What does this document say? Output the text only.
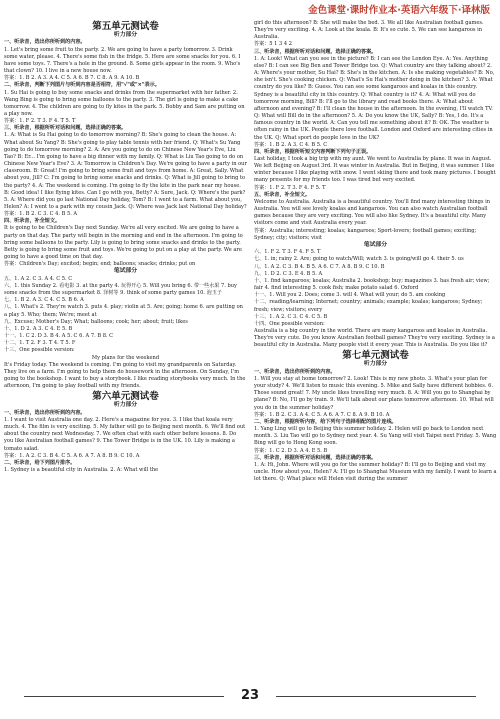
金色课堂·课时作业本·英语六年级下·译林版
第五单元测试卷
听力部分
一、听录音，选出你所听到的内容。
1. Let's bring some fruit to the party. 2. We are going to have a party tomorrow. 3. Drink some water, please. 4. There's some fish in the fridge. 5. Here are some snacks for you. 6. I have some toys. 7. There's a hole in the ground. 8. Some girls appear in the room. 9. Who's that clown? 10. I live in a new house now.
答案：1. B 2. A 3. A 4. C 5. A 6. B 7. C 8. A 9. A 10. B
二、听录音，判断下列图片与听到内容是否相符，用"√"或"×"表示。
1. Su Hai is going to buy some snacks and drinks from the supermarket with her father. 2. Wang Bing is going to bring some balloons to the party. 3. The girl is going to make a cake tomorrow. 4. The children are going to fly kites in the park. 5. Bobby and Sam are putting on a play now.
答案：1. F 2. T 3. F 4. T 5. T
三、听录音，根据所听对话和问题，选择正确的答案。
1. A: What is Su Hai going to do tomorrow morning? B: She's going to clean the house. A: What about Su Yang? B: She's going to play table tennis with her friend. Q: What's Su Yang going to do tomorrow morning? 2. A: Are you going to do on Chinese New Year's Eve, Liu Tao? B: Er... I'm going to have a big dinner with my family. Q: What is Liu Tao going to do on Chinese New Year's Eve? 3. A: Tomorrow is Children's Day. We're going to have a party in our classroom. B: Great! I'm going to bring some fruit and toys from home. A: Great, Sally. What about you, Jill? C: I'm going to bring some snacks and drinks. Q: What is Jill going to bring to the party? 4. A: The weekend is coming. I'm going to fly the kite in the park near my house. B: Good idea! I like flying kites. Can I go with you, Betty? A: Sure, Jack. Q: Where's the park? 5. A: Where did you go last National Day holiday, Tom? B: I went to a farm. What about you, Helen? A: I went to a park with my cousin Jack. Q: Where was Jack last National Day holiday?
答案：1. B 2. C 3. C 4. B 5. A
四、听录音，补全短文。
It is going to be Children's Day next Sunday. We're all very excited. We are going to have a party on that day. The party will begin in the morning and end in the afternoon. I'm going to bring some balloons to the party. Lily is going to bring some snacks and drinks to the party. Betty is going to bring some fruit and toys. We're going to put on a play at the party. We are going to have a good time on that day.
答案：Children's Day; excited; begin; end; balloons; snacks; drinks; put on
笔试部分
五、1. A 2. C 3. A 4. C 5. C
六、1. this Sunday 2. 看电影 3. at the party 4. 玩得开心 5. Will you bring 6. 带一些水果 7. buy some snacks from the supermarket 8. 泽树等 9. think of some party games 10. 泡玉子
七、1. B 2. A 3. C 4. C 5. B 6. A
八、1. What's 2. They're watch 3. puts 4. play; violin at 5. Are; going; home 6. are putting on a play 5. Who; them; We're; meet at
九、Excuse; Mother's Day; What; balloons; cook; her; about; fruit; likes
十、1. D 2. A 3. C 4. E 5. B
十一、1. C 2. D 3. B 4. A 5. C 6. A 7. B 8. C
十二、1. T 2. F 3. T 4. T 5. F
十三、One possible version:
My plans for the weekend
It's Friday today. The weekend is coming. I'm going to visit my grandparents on Saturday. They live on a farm. I'm going to help them do housework in the afternoon. On Sunday, I'm going to the bookshop. I want to buy a storybook. I like reading storybooks very much. In the afternoon, I'm going to play football with my friends.
第六单元测试卷
听力部分
一、听录音，选出你所听到的内容。
1. I want to visit Australia one day. 2. Here's a magazine for you. 3. I like that koala very much. 4. The film is very exciting. 5. My father will go to Beijing next month. 6. We'll find out about the country next Wednesday. 7. We often chat with each other before lessons. 8. Do you like Australian football games? 9. The Tower Bridge is in the UK. 10. Lily is making a tomato salad.
答案：1. A 2. C 3. B 4. C 5. A 6. A 7. A 8. B 9. C 10. A
二、听录音，给下列图片排序。
1. Sydney is a beautiful city in Australia. 2. A: What will the
girl do this afternoon? B: She will make the bed. 3. We all like Australian football games. They're very exciting. 4. A: Look at the koala. B: It's so cute. 5. We can see kangaroos in Australia.
答案：5 1 3 4 2
三、听录音，根据所听对话和问题，选择正确的答案。
1. A: Look! What can you see in the picture? B: I can see the London Eye. A: Yes. Anything else? B: I can see Big Ben and Tower Bridge too. Q: What country are they talking about? 2. A: Where's your mother, Su Hai? B: She's in the kitchen. A: Is she making vegetables? B: No, she isn't. She's cooking chicken. Q: What's Su Hai's mother doing in the kitchen? 3. A: What country do you like? B: Guess. You can see some kangaroos and koalas in this country. Sydney is a beautiful city in this country. Q: What country is it? 4. A: What will you do tomorrow morning, Bill? B: I'll go to the library and read books there. A: What about afternoon and evening? B: I'll clean the house in the afternoon. In the evening, I'll watch TV. Q: What will Bill do in the afternoon? 5. A: Do you know the UK, Sally? B: Yes, I do. It's a famous country in the world. A: Can you tell me something about it? B: OK. The weather is often rainy in the UK. People there love football. London and Oxford are interesting cities in the UK. Q: What sport do people love in the UK?
答案：1. B 2. A 3. C 4. B 5. C
四、听录音，根据所听短文内容判断下列句子正误。
Last holiday, I took a big trip with my aunt. We went to Australia by plane. It was in August. We left Beijing on August 3rd. It was winter in Australia. But in Beijing, it was summer. I like winter because I like playing with snow. I went skiing there and took many pictures. I bought many presents for my friends too. I was tired but very excited.
答案：1. F 2. T 3. F 4. F 5. T
五、听录音，补全短文。
Welcome to Australia. Australia is a beautiful country. You'll find many interesting things in Australia. You will see lovely koalas and kangaroos. You can also watch Australian football games because they are very exciting. You will also like Sydney. It's a beautiful city. Many visitors come and visit Australia every year.
答案：Australia; interesting; koalas; kangaroos; Sport-lovers; football games; exciting; Sydney; city; visitors; visit
笔试部分
六、1. F 2. T 3. F 4. F 5. T
七、1. in; rainy 2. Are; going to watch/Will; watch 3. is going/will go 4. their 5. us
八、1. A 2. C 3. B 4. B 5. A 6. C 7. A 8. B 9. C 10. B
九、1. D 2. C 3. E 4. B 5. A
十、1. find kangaroos; koalas; Australia 2. bookshop; buy; magazines 3. has fresh air; view; fair 4. find interesting 5. cook fish; make potato salad 6. Oxford
十一、1. Will you 2. Does; come 3. will 4. What will your; do 5. am cooking
十二、reading/learning; Internet; country; animals; example; koalas; kangaroos; Sydney; fresh; view; visitors; every
十三、1. A 2. C 3. C 4. C 5. B
十四、One possible version:
Australia is a big country in the world. There are many kangaroos and koalas in Australia. They're very cute. Do you know Australian football games? They're very exciting. Sydney is a beautiful city in Australia. Many people visit it every year. This is Australia. Do you like it?
第七单元测试卷
听力部分
一、听录音，选出你所听到的内容。
1. Will you stay at home tomorrow? 2. Look! This is my new photo. 3. What's your plan for your study? 4. We'll listen to music this evening. 5. Mike and Sally have different hobbies. 6. Those sound great! 7. My uncle likes travelling very much. 8. A: Will you go to Shanghai by plane? B: No, I'll go by train. 9. We'll talk about our plans tomorrow afternoon. 10. What will you do in the summer holiday?
答案：1. B 2. C 3. A 4. C 5. A 6. A 7. C 8. A 9. B 10. A
二、听录音，根据所听内容，给下列句子选择相配的图片连线。
1. Yang Ling will go to Beijing this summer holiday. 2. Helen will go back to London next month. 3. Liu Tao will go to Sydney next year. 4. Su Yang will visit Taipei next Friday. 5. Wang Bing will go to Hong Kong soon.
答案：1. C 2. D 3. A 4. E 5. B
三、听录音，根据所听对话和问题，选择正确的答案。
1. A: Hi, John. Where will you go for the summer holiday? B: I'll go to Beijing and visit my uncle. How about you, Helen? A: I'll go to Shanghai Museum with my family. I want to learn a lot there. Q: What place will Helen visit during the summer
23
